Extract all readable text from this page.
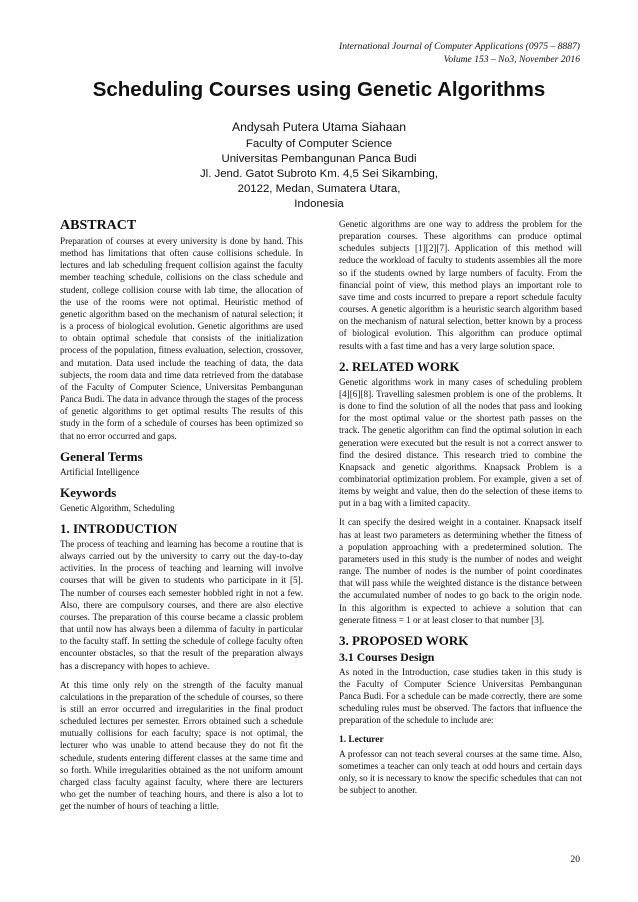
International Journal of Computer Applications (0975 – 8887)
Volume 153 – No3, November 2016
Scheduling Courses using Genetic Algorithms
Andysah Putera Utama Siahaan
Faculty of Computer Science
Universitas Pembangunan Panca Budi
Jl. Jend. Gatot Subroto Km. 4,5 Sei Sikambing,
20122, Medan, Sumatera Utara,
Indonesia
ABSTRACT

Preparation of courses at every university is done by hand. This method has limitations that often cause collisions schedule. In lectures and lab scheduling frequent collision against the faculty member teaching schedule, collisions on the class schedule and student, college collision course with lab time, the allocation of the use of the rooms were not optimal. Heuristic method of genetic algorithm based on the mechanism of natural selection; it is a process of biological evolution. Genetic algorithms are used to obtain optimal schedule that consists of the initialization process of the population, fitness evaluation, selection, crossover, and mutation. Data used include the teaching of data, the data subjects, the room data and time data retrieved from the database of the Faculty of Computer Science, Universitas Pembangunan Panca Budi. The data in advance through the stages of the process of genetic algorithms to get optimal results The results of this study in the form of a schedule of courses has been optimized so that no error occurred and gaps.

General Terms

Artificial Intelligence

Keywords

Genetic Algorithm, Scheduling

1. INTRODUCTION

The process of teaching and learning has become a routine that is always carried out by the university to carry out the day-to-day activities. In the process of teaching and learning will involve courses that will be given to students who participate in it [5]. The number of courses each semester hobbled right in not a few. Also, there are compulsory courses, and there are also elective courses. The preparation of this course became a classic problem that until now has always been a dilemma of faculty in particular to the faculty staff. In setting the schedule of college faculty often encounter obstacles, so that the result of the preparation always has a discrepancy with hopes to achieve.

At this time only rely on the strength of the faculty manual calculations in the preparation of the schedule of courses, so there is still an error occurred and irregularities in the final product scheduled lectures per semester. Errors obtained such a schedule mutually collisions for each faculty; space is not optimal, the lecturer who was unable to attend because they do not fit the schedule, students entering different classes at the same time and so forth. While irregularities obtained as the not uniform amount charged class faculty against faculty, where there are lecturers who get the number of teaching hours, and there is also a lot to get the number of hours of teaching a little.

Genetic algorithms are one way to address the problem for the preparation courses. These algorithms can produce optimal schedules subjects [1][2][7]. Application of this method will reduce the workload of faculty to students assembles all the more so if the students owned by large numbers of faculty. From the financial point of view, this method plays an important role to save time and costs incurred to prepare a report schedule faculty courses. A genetic algorithm is a heuristic search algorithm based on the mechanism of natural selection, better known by a process of biological evolution. This algorithm can produce optimal results with a fast time and has a very large solution space.

2. RELATED WORK

Genetic algorithms work in many cases of scheduling problem [4][6][8]. Travelling salesmen problem is one of the problems. It is done to find the solution of all the nodes that pass and looking for the most optimal value or the shortest path passes on the track. The genetic algorithm can find the optimal solution in each generation were executed but the result is not a correct answer to find the desired distance. This research tried to combine the Knapsack and genetic algorithms. Knapsack Problem is a combinatorial optimization problem. For example, given a set of items by weight and value, then do the selection of these items to put in a bag with a limited capacity.

It can specify the desired weight in a container. Knapsack itself has at least two parameters as determining whether the fitness of a population approaching with a predetermined solution. The parameters used in this study is the number of nodes and weight range. The number of nodes is the number of point coordinates that will pass while the weighted distance is the distance between the accumulated number of nodes to go back to the origin node. In this algorithm is expected to achieve a solution that can generate fitness = 1 or at least closer to that number [3].

3. PROPOSED WORK
3.1 Courses Design

As noted in the Introduction, case studies taken in this study is the Faculty of Computer Science Universitas Pembangunan Panca Budi. For a schedule can be made correctly, there are some scheduling rules must be observed. The factors that influence the preparation of the schedule to include are:

1. Lecturer

A professor can not teach several courses at the same time. Also, sometimes a teacher can only teach at odd hours and certain days only, so it is necessary to know the specific schedules that can not be subject to another.

20
